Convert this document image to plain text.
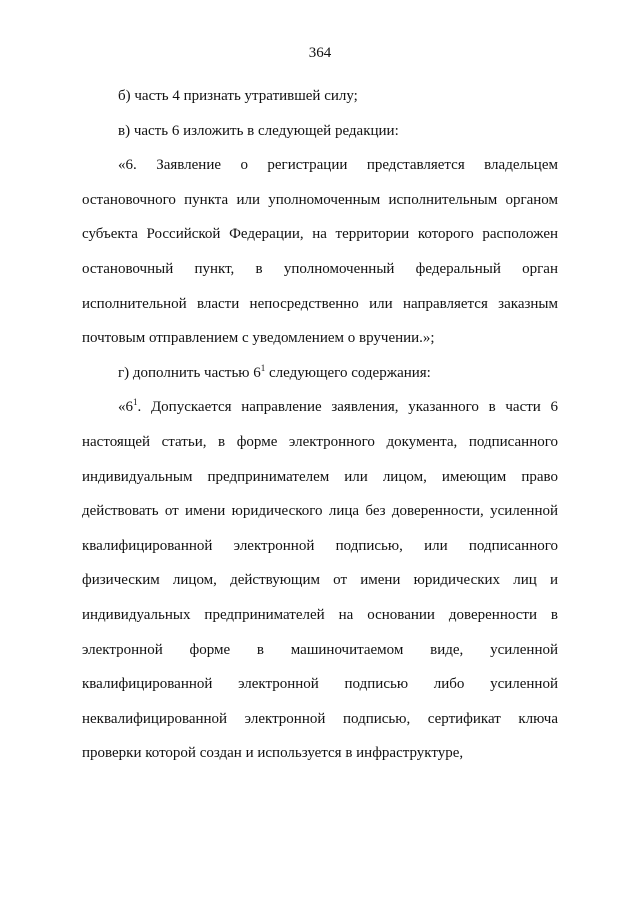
364

б) часть 4 признать утратившей силу;

в) часть 6 изложить в следующей редакции:

«6. Заявление о регистрации представляется владельцем остановочного пункта или уполномоченным исполнительным органом субъекта Российской Федерации, на территории которого расположен остановочный пункт, в уполномоченный федеральный орган исполнительной власти непосредственно или направляется заказным почтовым отправлением с уведомлением о вручении.»;

г) дополнить частью $6^1$ следующего содержания:

«$6^1$. Допускается направление заявления, указанного в части 6 настоящей статьи, в форме электронного документа, подписанного индивидуальным предпринимателем или лицом, имеющим право действовать от имени юридического лица без доверенности, усиленной квалифицированной электронной подписью, или подписанного физическим лицом, действующим от имени юридических лиц и индивидуальных предпринимателей на основании доверенности в электронной форме в машиночитаемом виде, усиленной квалифицированной электронной подписью либо усиленной неквалифицированной электронной подписью, сертификат ключа проверки которой создан и используется в инфраструктуре,
